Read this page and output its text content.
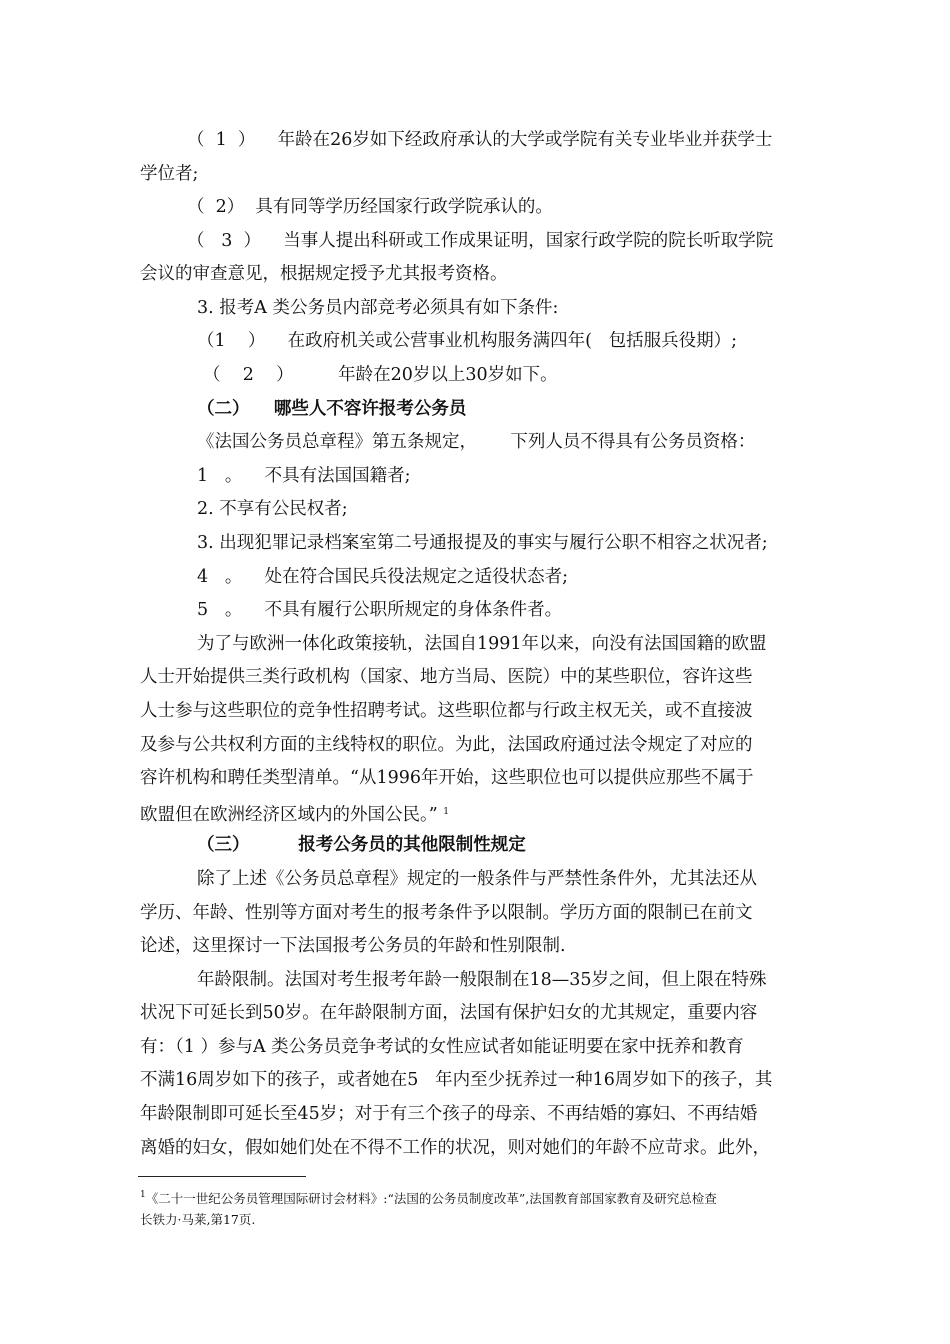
（  1  ）    年龄在26岁如下经政府承认的大学或学院有关专业毕业并获学士
学位者;
（  2）  具有同等学历经国家行政学院承认的。
（   3  ）    当事人提出科研或工作成果证明，国家行政学院的院长听取学院
会议的审查意见，根据规定授予尤其报考资格。
3. 报考A 类公务员内部竞考必须具有如下条件:
（1    ）    在政府机关或公营事业机构服务满四年(   包括服兵役期）;
（    2    ）        年龄在20岁以上30岁如下。
（二）    哪些人不容许报考公务员
《法国公务员总章程》第五条规定，      下列人员不得具有公务员资格：
1   。    不具有法国国籍者;
2. 不享有公民权者;
3. 出现犯罪记录档案室第二号通报提及的事实与履行公职不相容之状况者;
4   。    处在符合国民兵役法规定之适役状态者;
5   。    不具有履行公职所规定的身体条件者。
为了与欧洲一体化政策接轨，法国自1991年以来，向没有法国国籍的欧盟
人士开始提供三类行政机构（国家、地方当局、医院）中的某些职位，容许这些
人士参与这些职位的竞争性招聘考试。这些职位都与行政主权无关，或不直接波
及参与公共权利方面的主线特权的职位。为此，法国政府通过法令规定了对应的
容许机构和聘任类型清单。“从1996年开始，这些职位也可以提供应那些不属于
欧盟但在欧洲经济区域内的外国公民。” $^1$
（三）        报考公务员的其他限制性规定
除了上述《公务员总章程》规定的一般条件与严禁性条件外，尤其法还从
学历、年龄、性别等方面对考生的报考条件予以限制。学历方面的限制已在前文
论述，这里探讨一下法国报考公务员的年龄和性别限制.
年龄限制。法国对考生报考年龄一般限制在18—35岁之间，但上限在特殊
状况下可延长到50岁。在年龄限制方面，法国有保护妇女的尤其规定，重要内容
有：（1 ）参与A 类公务员竞争考试的女性应试者如能证明要在家中抚养和教育
不满16周岁如下的孩子，或者她在5   年内至少抚养过一种16周岁如下的孩子，其
年龄限制即可延长至45岁；对于有三个孩子的母亲、不再结婚的寡妇、不再结婚
离婚的妇女，假如她们处在不得不工作的状况，则对她们的年龄不应苛求。此外，
$^1$《二十一世纪公务员管理国际研讨会材料》:“法国的公务员制度改革”,法国教育部国家教育及研究总检查
长铁力·马莱,第17页.
